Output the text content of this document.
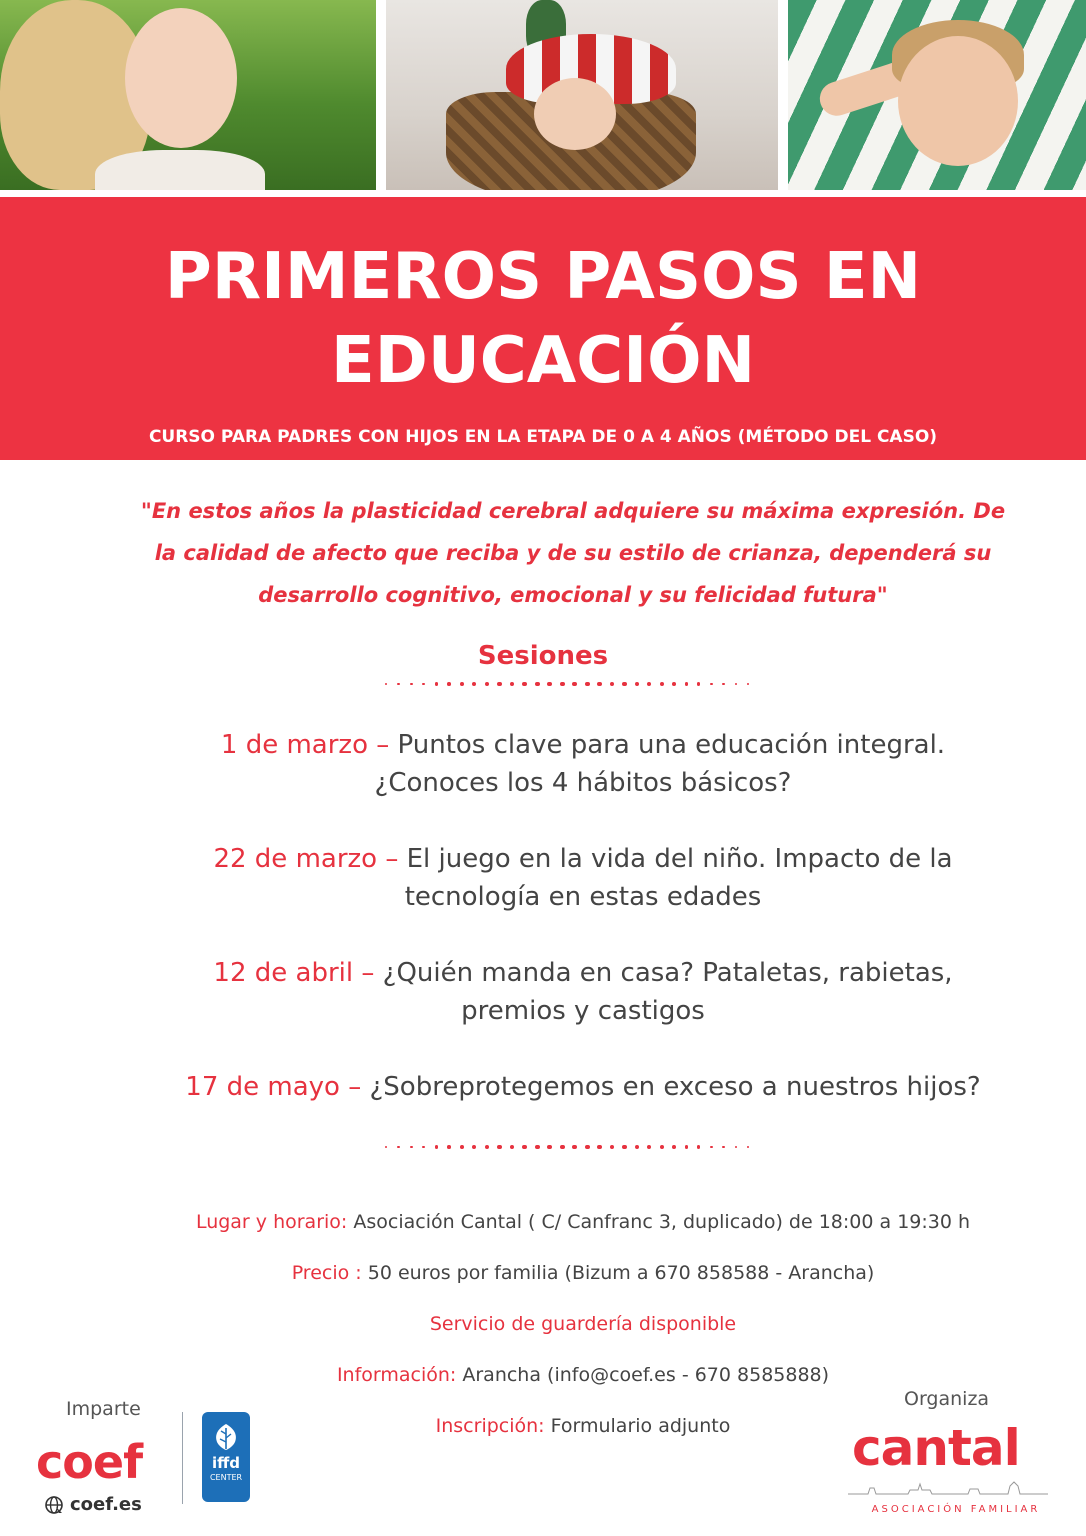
PRIMEROS PASOS EN
EDUCACIÓN
CURSO PARA PADRES CON HIJOS EN LA ETAPA DE 0 A 4 AÑOS (MÉTODO DEL CASO)
"En estos años la plasticidad cerebral adquiere su máxima expresión. De
la calidad de afecto que reciba y de su estilo de crianza, dependerá su
desarrollo cognitivo, emocional y su felicidad futura"
Sesiones
1 de marzo – Puntos clave para una educación integral.
¿Conoces los 4 hábitos básicos?
22 de marzo – El juego en la vida del niño. Impacto de la
tecnología en estas edades
12 de abril – ¿Quién manda en casa? Pataletas, rabietas,
premios y castigos
17 de mayo – ¿Sobreprotegemos en exceso a nuestros hijos?
Lugar y horario: Asociación Cantal ( C/ Canfranc 3, duplicado) de 18:00 a 19:30 h
Precio : 50 euros por familia (Bizum a 670 858588 - Arancha)
Servicio de guardería disponible
Información: Arancha (info@coef.es - 670 8585888)
Inscripción: Formulario adjunto
Imparte
coef
coef.es
iffd
CENTER
Organiza
cantal
ASOCIACIÓN FAMILIAR
